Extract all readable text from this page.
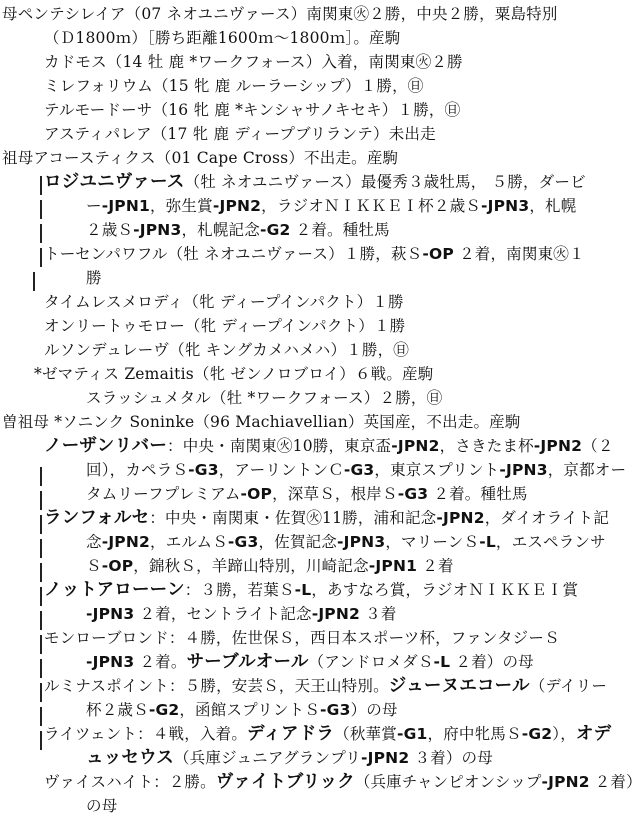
母ペンテシレイア（07 ネオユニヴァース）南関東㊋２勝，中央２勝，粟島特別
（Ｄ1800ｍ）［勝ち距離1600ｍ～1800ｍ］。産駒
カドモス（14 牡 鹿 *ワークフォース）入着，南関東㊋２勝
ミレフォリウム（15 牝 鹿 ルーラーシップ）１勝，㊐
テルモードーサ（16 牝 鹿 *キンシャサノキセキ）１勝，㊐
アスティパレア（17 牝 鹿 ディープブリランテ）未出走
祖母アコースティクス（01 Cape Cross）不出走。産駒
ロジユニヴァース（牡 ネオユニヴァース）最優秀３歳牡馬， ５勝，ダービ
ー-JPN1，弥生賞-JPN2，ラジオＮＩＫＫＥＩ杯２歳Ｓ-JPN3，札幌
２歳Ｓ-JPN3，札幌記念-G2 ２着。種牡馬
トーセンパワフル（牡 ネオユニヴァース）１勝，萩Ｓ-OP ２着，南関東㊋１
勝
タイムレスメロディ（牝 ディープインパクト）１勝
オンリートゥモロー（牝 ディープインパクト）１勝
ルソンデュレーヴ（牝 キングカメハメハ）１勝，㊐
*ゼマティス Zemaitis（牝 ゼンノロブロイ）６戦。産駒
スラッシュメタル（牡 *ワークフォース）２勝，㊐
曽祖母 *ソニンク Soninke（96 Machiavellian）英国産，不出走。産駒
ノーザンリバー：中央・南関東㊋10勝，東京盃-JPN2，さきたま杯-JPN2（２
回），カペラＳ-G3，アーリントンＣ-G3，東京スプリント-JPN3，京都オー
タムリーフプレミアム-OP，深草Ｓ，根岸Ｓ-G3 ２着。種牡馬
ランフォルセ：中央・南関東・佐賀㊋11勝，浦和記念-JPN2，ダイオライト記
念-JPN2，エルムＳ-G3，佐賀記念-JPN3，マリーンＳ-L，エスペランサ
Ｓ-OP，錦秋Ｓ，羊蹄山特別，川崎記念-JPN1 ２着
ノットアローーン：３勝，若葉Ｓ-L，あすなろ賞，ラジオＮＩＫＫＥＩ賞
-JPN3 ２着，セントライト記念-JPN2 ３着
モンローブロンド：４勝，佐世保Ｓ，西日本スポーツ杯，ファンタジーＳ
-JPN3 ２着。サーブルオール（アンドロメダＳ-L ２着）の母
ルミナスポイント：５勝，安芸Ｓ，天王山特別。ジューヌエコール（デイリー
杯２歳Ｓ-G2，函館スプリントＳ-G3）の母
ライツェント：４戦，入着。ディアドラ（秋華賞-G1，府中牝馬Ｓ-G2），オデ
ュッセウス（兵庫ジュニアグランプリ-JPN2 ３着）の母
ヴァイスハイト：２勝。ヴァイトブリック（兵庫チャンピオンシップ-JPN2 ２着）
の母
